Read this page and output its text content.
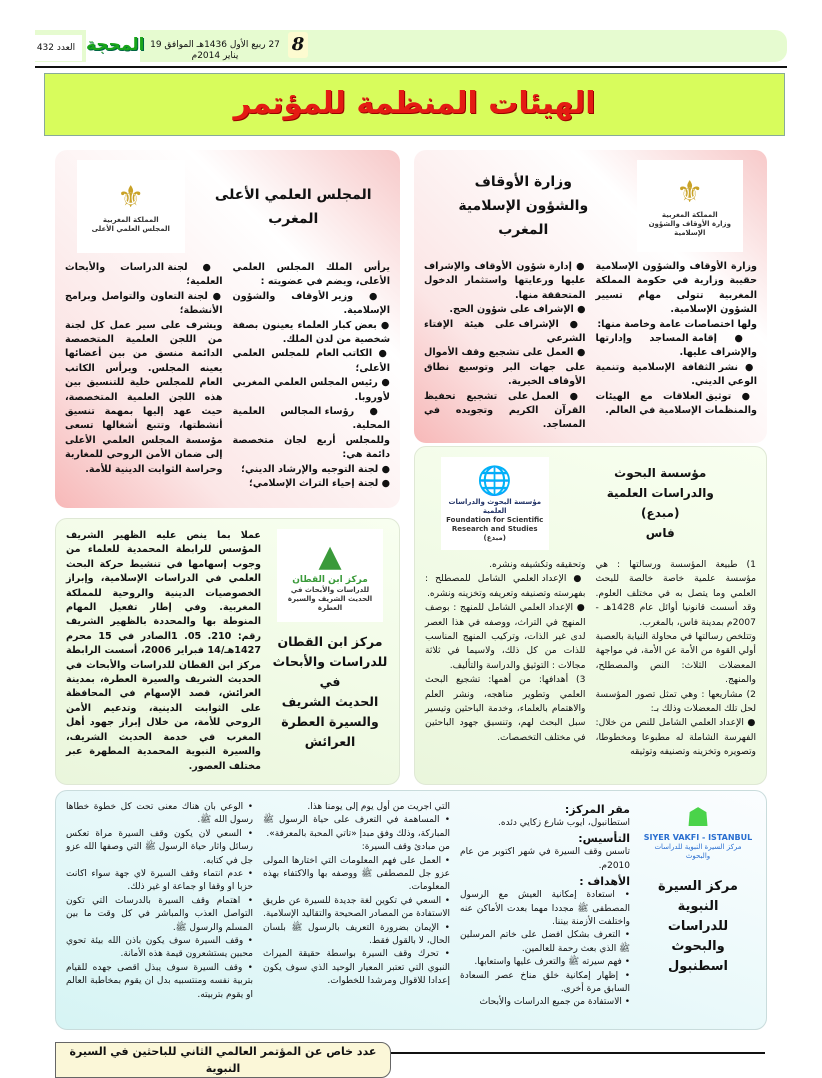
العدد 432 المحجة 27 ربيع الأول 1436هـ الموافق 19 يناير 2014م
8
الهيئات المنظمة للمؤتمر
⚜
المملكة المغربية
وزارة الأوقاف والشؤون الإسلامية
وزارة الأوقاف
والشؤون الإسلامية
المغرب

وزارة الأوقاف والشؤون الإسلامية حقيبة وزارية في حكومة المملكة المغربية تتولى مهام تسيير الشؤون الإسلامية.

ولها اختصاصات عامة وخاصة منها:

● إقامة المساجد وإدارتها والإشراف عليها.

● نشر الثقافة الإسلامية وتنمية الوعي الديني.

● توثيق العلاقات مع الهيئات والمنظمات الإسلامية في العالم.

● إدارة شؤون الأوقاف والإشراف عليها ورعايتها واستثمار الدخول المتحققة منها.

● الإشراف على شؤون الحج.

● الإشراف على هيئة الإفتاء الشرعي

● العمل على تشجيع وقف الأموال على جهات البر وتوسيع نطاق الأوقاف الخيرية.

● العمل على تشجيع تحفيظ القرآن الكريم وتجويده في المساجد.

مؤسسة البحوث
والدراسات العلمية
(مبدع)
فاس
🌐
مؤسسة البحوث والدراسات العلمية
Foundation for Scientific Research and Studies
(مبدع)

1) طبيعة المؤسسة ورسالتها : هي مؤسسة علمية خاصة خالصة للبحث العلمي وما يتصل به في مختلف العلوم. وقد أسست قانونيا أوائل عام 1428هـ - 2007م بمدينة فاس، بالمغرب.

وتتلخص رسالتها في محاولة النيابة بالعصبة أولي القوة من الأمة عن الأمة، في مواجهة المعضلات الثلاث: النص والمصطلح، والمنهج.

2) مشاريعها : وهي تمثل تصور المؤسسة لحل تلك المعضلات وذلك بـ:

● الإعداد العلمي الشامل للنص من خلال: الفهرسة الشاملة له مطبوعا ومخطوطا، وتصويره وتخزينه وتصنيفه وتوثيقه

وتحقيقه وتكشيفه ونشره.

● الإعداد العلمي الشامل للمصطلح : بفهرسته وتصنيفه وتعريفه وتخزينه ونشره.

● الإعداد العلمي الشامل للمنهج : بوصف المنهج في التراث، ووصفه في هذا العصر لدى غير الذات، وتركيب المنهج المناسب للذات من كل ذلك، ولاسيما في ثلاثة مجالات : التوثيق والدراسة والتأليف.

3) أهدافها: من أهمها: تشجيع البحث العلمي وتطوير مناهجه، ونشر العلم والاهتمام بالعلماء، وخدمة الباحثين وتيسير سبل البحث لهم، وتنسيق جهود الباحثين في مختلف التخصصات.

المجلس العلمي الأعلى
المغرب
⚜
المملكة المغربية
المجلس العلمي الأعلى

يرأس الملك المجلس العلمي الأعلى، ويضم في عضويته :

● وزير الأوقاف والشؤون الإسلامية.

● بعض كبار العلماء يعينون بصفة شخصية من لدن الملك.

● الكاتب العام للمجلس العلمي الأعلى؛

● رئيس المجلس العلمي المغربي لأوروبا.

● رؤساء المجالس العلمية المحلية.

وللمجلس أربع لجان متخصصة دائمة هي:

● لجنة التوجيه والإرشاد الديني؛

● لجنة إحياء التراث الإسلامي؛

● لجنة الدراسات والأبحاث العلمية؛

● لجنة التعاون والتواصل وبرامج الأنشطة؛

ويشرف على سير عمل كل لجنة من اللجن العلمية المتخصصة الدائمة منسق من بين أعضائها يعينه المجلس. ويرأس الكاتب العام للمجلس خلية للتنسيق بين هذه اللجن العلمية المتخصصة، حيث عهد إليها بمهمة تنسيق أنشطتها، وتتبع أشغالها تسعى مؤسسة المجلس العلمي الأعلى إلى ضمان الأمن الروحي للمغاربة وحراسة الثوابت الدينية للأمة.

▲
مركز ابن القطان
للدراسات والأبحاث في الحديث الشريف والسيرة العطرة
مركز ابن القطان
للدراسات والأبحاث في
الحديث الشريف
والسيرة العطرة
العرائش
عملا بما ينص عليه الظهير الشريف المؤسس للرابطة المحمدية للعلماء من وجوب إسهامها في تنشيط حركة البحث العلمي في الدراسات الإسلامية، وإبراز الخصوصيات الدينية والروحية للمملكة المغربية. وفي إطار تفعيل المهام المنوطة بها والمحددة بالظهير الشريف رقم: 210. 05. 1الصادر في 15 محرم 1427هـ/14 فبراير 2006، أسست الرابطة مركز ابن القطان للدراسات والأبحاث في الحديث الشريف والسيرة العطرة، بمدينة العرائش، قصد الإسهام في المحافظة على الثوابت الدينية، وتدعيم الأمن الروحي للأمة، من خلال إبراز جهود أهل المغرب في خدمة الحديث الشريف، والسيرة النبوية المحمدية المطهرة عبر مختلف العصور.
☗
SIYER VAKFI - ISTANBUL
مركز السيرة النبوية للدراسات والبحوث
مركز السيرة
النبوية
للدراسات
والبحوث
اسطنبول
مقر المركز:

استطانبول، ايوب شارع زكايي دئده.

التأسيس:

تاسس وقف السيرة في شهر اكتوبر من عام 2010م.

الأهداف :

• استعادة إمكانية العيش مع الرسول المصطفى ﷺ مجددا مهما بعدت الأماكن عنه واختلفت الأزمنة بيننا.

• التعرف بشكل افضل على خاتم المرسلين ﷺ الذي بعث رحمة للعالمين.

• فهم سيرته ﷺ والتعرف عليها واستعابها.

• إظهار إمكانية خلق مناخ عصر السعادة السابق مرة أخرى.

• الاستفادة من جميع الدراسات والأبحاث

التي اجريت من أول يوم إلى يومنا هذا.

• المساهمة في التعرف على حياة الرسول ﷺ المباركة، وذلك وفق مبدإ «تاتي المحبة بالمعرفة».

من مبادئ وقف السيرة:

• العمل على فهم المعلومات التي اختارها المولى عزو جل للمصطفى ﷺ ووصفه بها والاكتفاء بهذه المعلومات.

• السعي في تكوين لغة جديدة للسيرة عن طريق الاستفادة من المصادر الصحيحة والتقاليد الإسلامية.

• الإيمان بضرورة التعريف بالرسول ﷺ بلسان الحال، لا بالقول فقط.

• تحرك وقف السيرة بواسطة حقيقة الميراث النبوي التي تعتبر المعيار الوحيد الذي سوف يكون إعدادا للاقوال ومرشدا للخطوات.

• الوعي بان هناك معنى تحت كل خطوة خطاها رسول الله ﷺ.

• السعي لان يكون وقف السيرة مراة تعكس رسائل واثار حياة الرسول ﷺ التي وصفها الله عزو جل في كتابه.

• عدم انتماء وقف السيرة لاي جهة سواء اكانت حزبا او وقفا او جماعة او غير ذلك.

• اهتمام وقف السيرة بالدرسات التي تكون التواصل العذب والمباشر في كل وقت ما بين المسلم والرسول ﷺ.

• وقف السيرة سوف يكون باذن الله بيئة تحوي محبين يستشعرون قيمة هذه الأمانة.

• وقف السيرة سوف يبذل اقصى جهده للقيام بتربية نفسه ومنتسبيه بدل ان يقوم بمخاطبة العالم او يقوم بتربيته.

عدد خاص عن المؤتمر العالمي الثاني للباحثين في السيرة النبوية
